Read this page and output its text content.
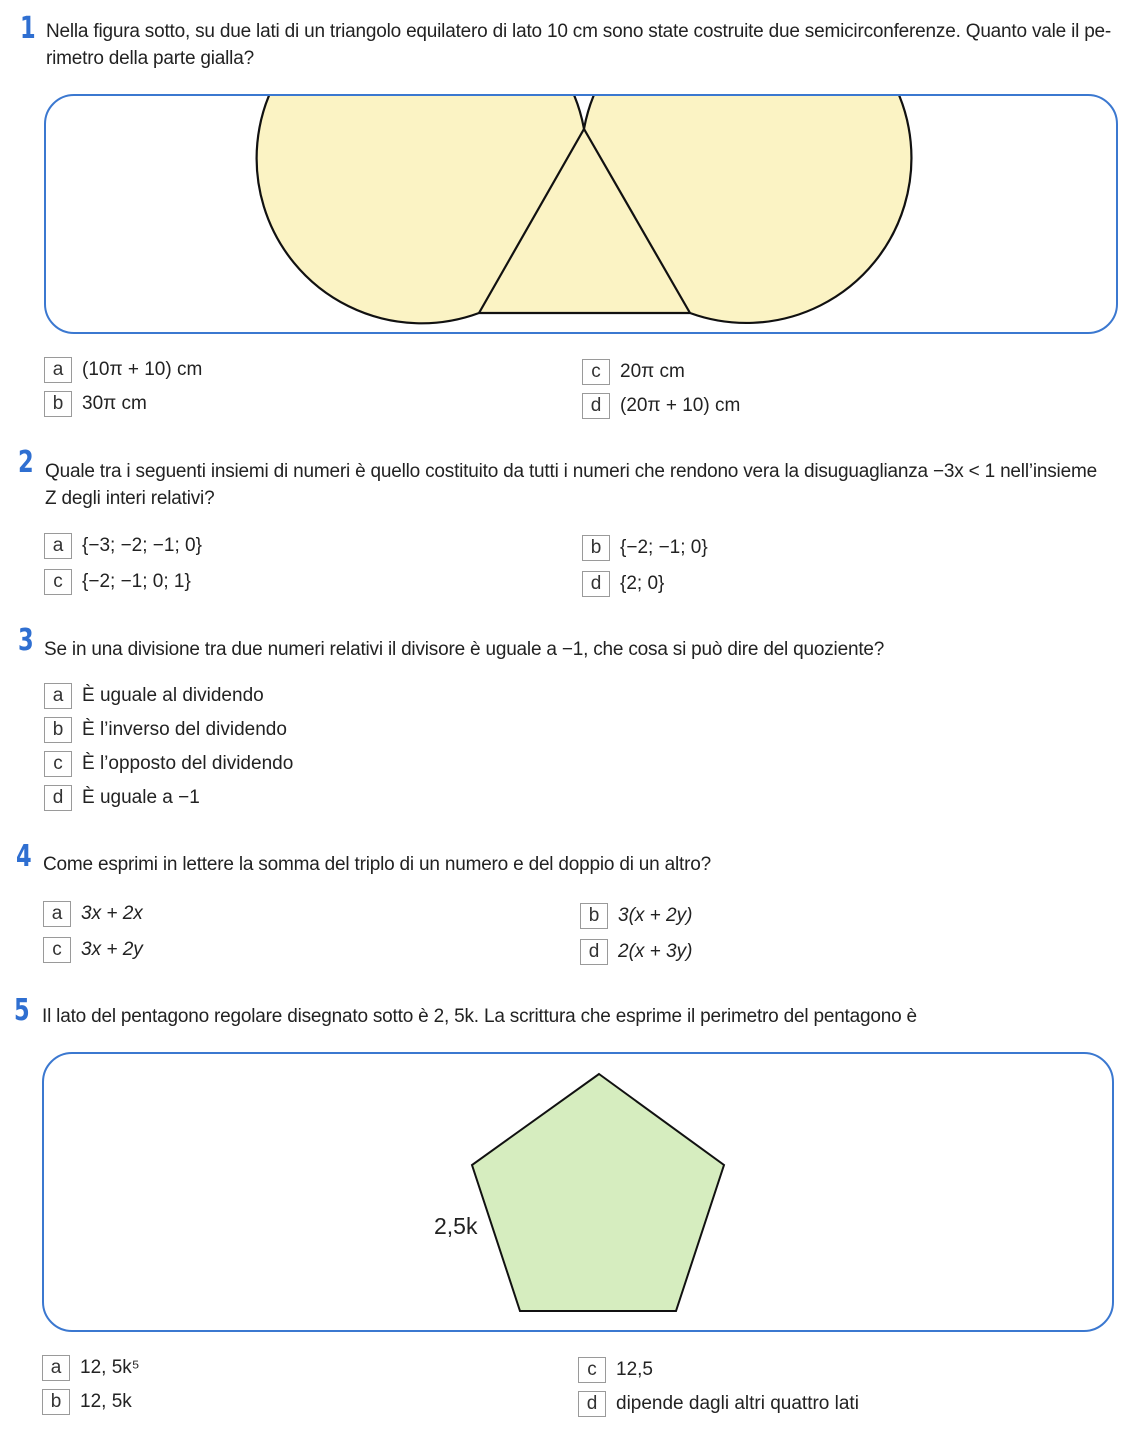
1 Nella figura sotto, su due lati di un triangolo equilatero di lato 10 cm sono state costruite due semicirconferenze. Quanto vale il pe-
rimetro della parte gialla?
a (10π + 10) cm
b 30π cm
c	20π cm
d (20π + 10) cm
2 Quale tra i seguenti insiemi di numeri è quello costituito da tutti i numeri che rendono vera la disuguaglianza −3x < 1 nell’insieme
Z degli interi relativi?
a {−3; −2; −1; 0}
c	{−2; −1; 0; 1}
b {−2; −1; 0}
d {2; 0}
3 Se in una divisione tra due numeri relativi il divisore è uguale a −1, che cosa si può dire del quoziente?
a È uguale al dividendo
b È l’inverso del dividendo
c	È l’opposto del dividendo
d È uguale a −1
4 Come esprimi in lettere la somma del triplo di un numero e del doppio di un altro?
a 3x + 2x
c	3x + 2y
b 3(x + 2y)
d 2(x + 3y)
5 Il lato del pentagono regolare disegnato sotto è 2, 5k. La scrittura che esprime il perimetro del pentagono è
2,5k
a 12, 5k⁵
b 12, 5k
c	12,5
d dipende dagli altri quattro lati
